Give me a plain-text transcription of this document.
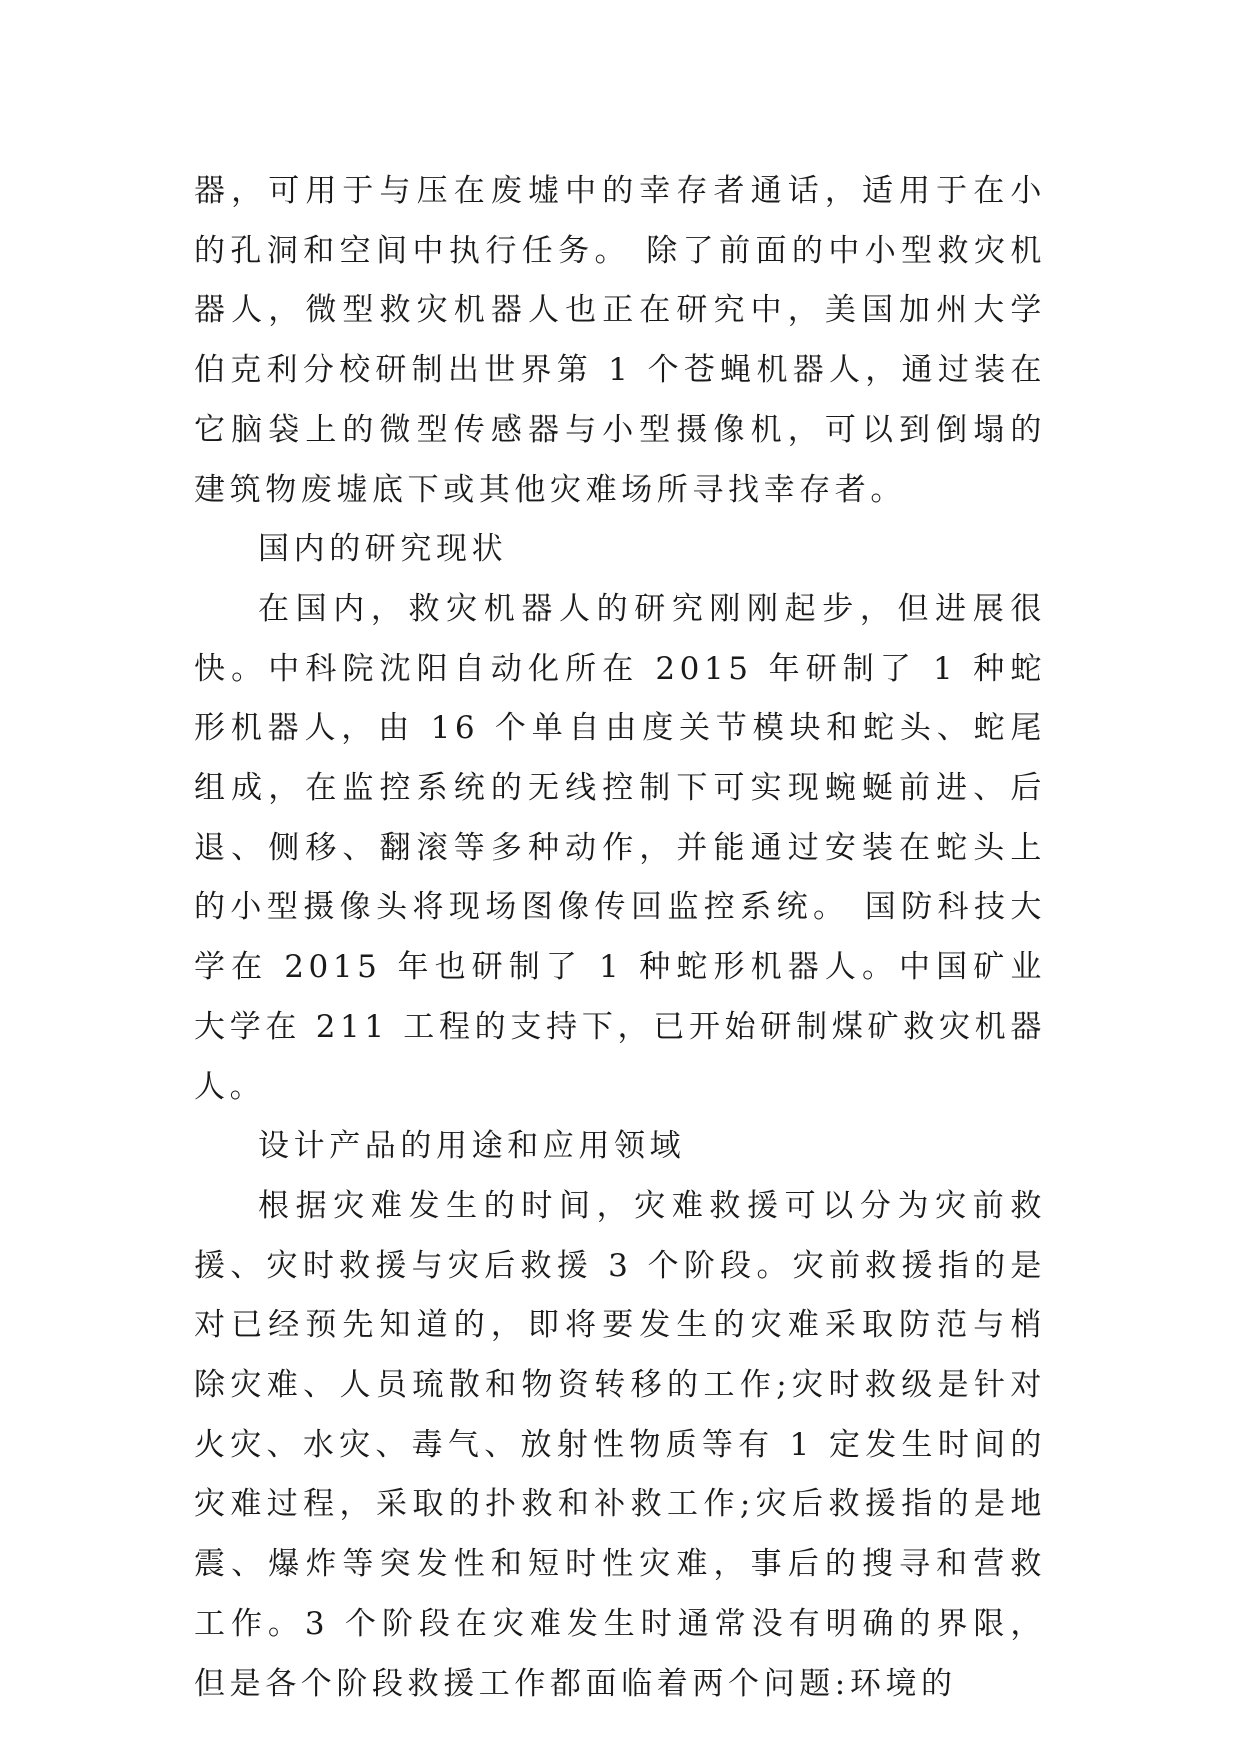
器，可用于与压在废墟中的幸存者通话，适用于在小的孔洞和空间中执行任务。 除了前面的中小型救灾机器人，微型救灾机器人也正在研究中，美国加州大学伯克利分校研制出世界第 1 个苍蝇机器人，通过装在它脑袋上的微型传感器与小型摄像机，可以到倒塌的建筑物废墟底下或其他灾难场所寻找幸存者。

国内的研究现状

在国内，救灾机器人的研究刚刚起步，但进展很快。中科院沈阳自动化所在 2015 年研制了 1 种蛇形机器人，由 16 个单自由度关节模块和蛇头、蛇尾组成，在监控系统的无线控制下可实现蜿蜒前进、后退、侧移、翻滚等多种动作，并能通过安装在蛇头上的小型摄像头将现场图像传回监控系统。 国防科技大学在 2015 年也研制了 1 种蛇形机器人。中国矿业大学在 211 工程的支持下，已开始研制煤矿救灾机器人。

设计产品的用途和应用领域

根据灾难发生的时间，灾难救援可以分为灾前救援、灾时救援与灾后救援 3 个阶段。灾前救援指的是对已经预先知道的，即将要发生的灾难采取防范与梢除灾难、人员琉散和物资转移的工作;灾时救级是针对火灾、水灾、毒气、放射性物质等有 1 定发生时间的灾难过程，采取的扑救和补救工作;灾后救援指的是地震、爆炸等突发性和短时性灾难，事后的搜寻和营救工作。3 个阶段在灾难发生时通常没有明确的界限，但是各个阶段救援工作都面临着两个问题:环境的
